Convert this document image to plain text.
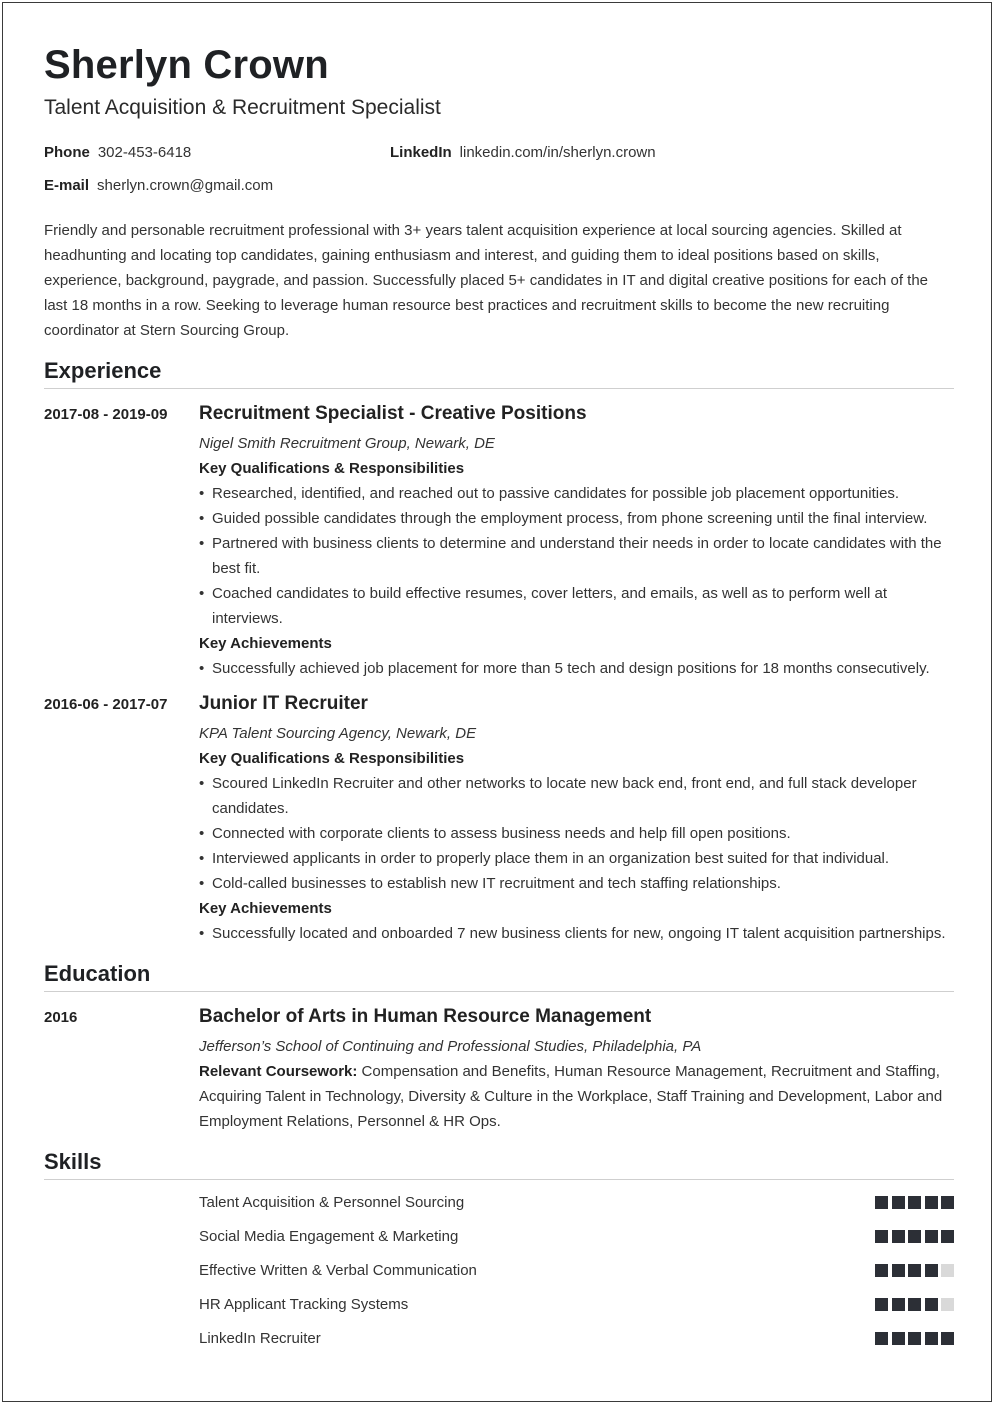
Sherlyn Crown
Talent Acquisition & Recruitment Specialist
Phone 302-453-6418	LinkedIn linkedin.com/in/sherlyn.crown
E-mail sherlyn.crown@gmail.com
Friendly and personable recruitment professional with 3+ years talent acquisition experience at local sourcing agencies. Skilled at headhunting and locating top candidates, gaining enthusiasm and interest, and guiding them to ideal positions based on skills, experience, background, paygrade, and passion. Successfully placed 5+ candidates in IT and digital creative positions for each of the last 18 months in a row. Seeking to leverage human resource best practices and recruitment skills to become the new recruiting coordinator at Stern Sourcing Group.
Experience
2017-08 - 2019-09 Recruitment Specialist - Creative Positions
Nigel Smith Recruitment Group, Newark, DE
Key Qualifications & Responsibilities
• Researched, identified, and reached out to passive candidates for possible job placement opportunities.
• Guided possible candidates through the employment process, from phone screening until the final interview.
• Partnered with business clients to determine and understand their needs in order to locate candidates with the best fit.
• Coached candidates to build effective resumes, cover letters, and emails, as well as to perform well at interviews.
Key Achievements
• Successfully achieved job placement for more than 5 tech and design positions for 18 months consecutively.
2016-06 - 2017-07 Junior IT Recruiter
KPA Talent Sourcing Agency, Newark, DE
Key Qualifications & Responsibilities
• Scoured LinkedIn Recruiter and other networks to locate new back end, front end, and full stack developer candidates.
• Connected with corporate clients to assess business needs and help fill open positions.
• Interviewed applicants in order to properly place them in an organization best suited for that individual.
• Cold-called businesses to establish new IT recruitment and tech staffing relationships.
Key Achievements
• Successfully located and onboarded 7 new business clients for new, ongoing IT talent acquisition partnerships.
Education
2016	Bachelor of Arts in Human Resource Management
Jefferson’s School of Continuing and Professional Studies, Philadelphia, PA
Relevant Coursework: Compensation and Benefits, Human Resource Management, Recruitment and Staffing, Acquiring Talent in Technology, Diversity & Culture in the Workplace, Staff Training and Development, Labor and Employment Relations, Personnel & HR Ops.
Skills
Talent Acquisition & Personnel Sourcing
Social Media Engagement & Marketing
Effective Written & Verbal Communication
HR Applicant Tracking Systems
LinkedIn Recruiter
